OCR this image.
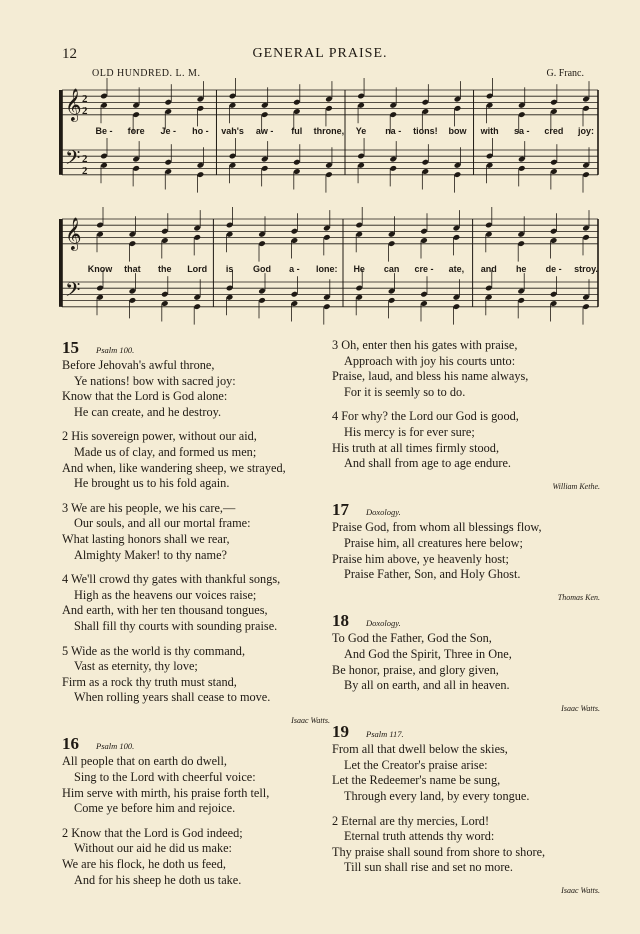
12	GENERAL PRAISE.
OLD HUNDRED. L. M.	G. Franc.
𝄞
𝄢
2
2
2
2
Be - fore Je - ho - vah's aw - ful throne, Ye na - tions! bow with sa - cred joy:
𝄞
𝄢
Know that the Lord is God a - lone: He can cre - ate, and he de - stroy.
15 Psalm 100.
Before Jehovah's awful throne,
Ye nations! bow with sacred joy:
Know that the Lord is God alone:
He can create, and he destroy.
2 His sovereign power, without our aid,
Made us of clay, and formed us men;
And when, like wandering sheep, we strayed,
He brought us to his fold again.
3 We are his people, we his care,—
Our souls, and all our mortal frame:
What lasting honors shall we rear,
Almighty Maker! to thy name?
4 We'll crowd thy gates with thankful songs,
High as the heavens our voices raise;
And earth, with her ten thousand tongues,
Shall fill thy courts with sounding praise.
5 Wide as the world is thy command,
Vast as eternity, thy love;
Firm as a rock thy truth must stand,
When rolling years shall cease to move.
Isaac Watts.
16 Psalm 100.
All people that on earth do dwell,
Sing to the Lord with cheerful voice:
Him serve with mirth, his praise forth tell,
Come ye before him and rejoice.
2 Know that the Lord is God indeed;
Without our aid he did us make:
We are his flock, he doth us feed,
And for his sheep he doth us take.
3 Oh, enter then his gates with praise,
Approach with joy his courts unto:
Praise, laud, and bless his name always,
For it is seemly so to do.
4 For why? the Lord our God is good,
His mercy is for ever sure;
His truth at all times firmly stood,
And shall from age to age endure.
William Kethe.
17 Doxology.
Praise God, from whom all blessings flow,
Praise him, all creatures here below;
Praise him above, ye heavenly host;
Praise Father, Son, and Holy Ghost.
Thomas Ken.
18 Doxology.
To God the Father, God the Son,
And God the Spirit, Three in One,
Be honor, praise, and glory given,
By all on earth, and all in heaven.
Isaac Watts.
19 Psalm 117.
From all that dwell below the skies,
Let the Creator's praise arise:
Let the Redeemer's name be sung,
Through every land, by every tongue.
2 Eternal are thy mercies, Lord!
Eternal truth attends thy word:
Thy praise shall sound from shore to shore,
Till sun shall rise and set no more.
Isaac Watts.
